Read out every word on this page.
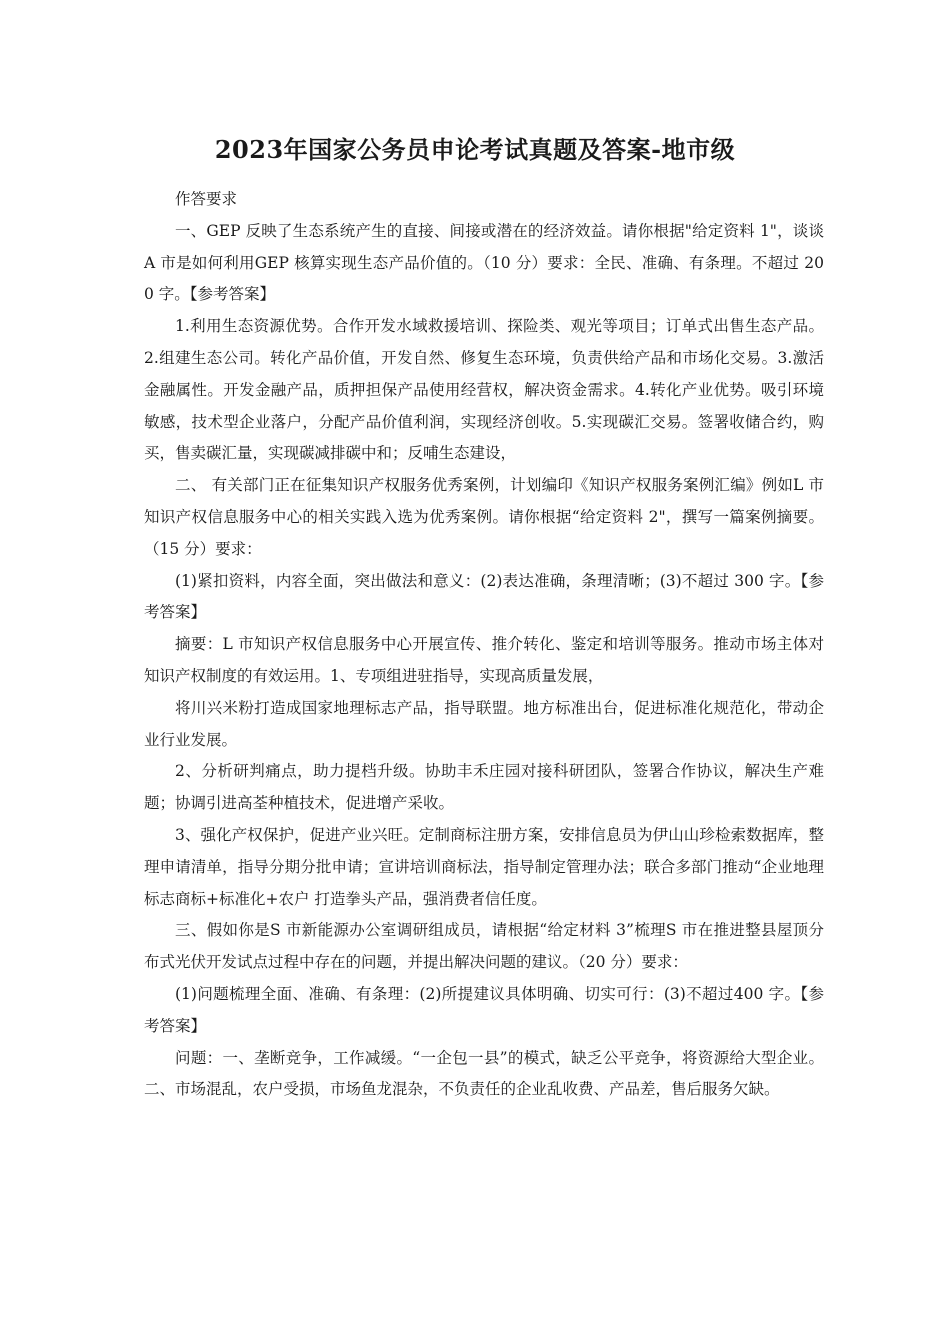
2023年国家公务员申论考试真题及答案-地市级

作答要求

一、GEP 反映了生态系统产生的直接、间接或潜在的经济效益。请你根据"给定资料 1"，谈谈A 市是如何利用GEP 核算实现生态产品价值的。（10 分）要求：全民、准确、有条理。不超过 200 字。【参考答案】

1.利用生态资源优势。合作开发水域救援培训、探险类、观光等项目；订单式出售生态产品。2.组建生态公司。转化产品价值，开发自然、修复生态环境，负责供给产品和市场化交易。3.激活金融属性。开发金融产品，质押担保产品使用经营权，解决资金需求。4.转化产业优势。吸引环境敏感，技术型企业落户，分配产品价值利润，实现经济创收。5.实现碳汇交易。签署收储合约，购买，售卖碳汇量，实现碳减排碳中和；反哺生态建设，

二、 有关部门正在征集知识产权服务优秀案例，计划编印《知识产权服务案例汇编》例如L 市知识产权信息服务中心的相关实践入选为优秀案例。请你根据“给定资料 2"，撰写一篇案例摘要。（15 分）要求：

(1)紧扣资料，内容全面，突出做法和意义：(2)表达准确，条理清晰；(3)不超过 300 字。【参考答案】

摘要：L 市知识产权信息服务中心开展宣传、推介转化、鉴定和培训等服务。推动市场主体对知识产权制度的有效运用。1、专项组进驻指导，实现高质量发展，

将川兴米粉打造成国家地理标志产品，指导联盟。地方标准出台，促进标准化规范化，带动企业行业发展。

2、分析研判痛点，助力提档升级。协助丰禾庄园对接科研团队，签署合作协议，解决生产难题；协调引进高荃种植技术，促进增产采收。

3、强化产权保护，促进产业兴旺。定制商标注册方案，安排信息员为伊山山珍检索数据库，整理申请清单，指导分期分批申请；宣讲培训商标法，指导制定管理办法；联合多部门推动“企业地理标志商标+标准化+农户 打造拳头产品，强消费者信任度。

三、假如你是S 市新能源办公室调研组成员，请根据“给定材料 3”梳理S 市在推进整县屋顶分布式光伏开发试点过程中存在的问题，并提出解决问题的建议。（20 分）要求：

(1)问题梳理全面、准确、有条理：(2)所提建议具体明确、切实可行：(3)不超过400 字。【参考答案】

问题：一、垄断竞争，工作减缓。“一企包一县”的模式，缺乏公平竞争，将资源给大型企业。二、市场混乱，农户受损，市场鱼龙混杂，不负责任的企业乱收费、产品差，售后服务欠缺。
